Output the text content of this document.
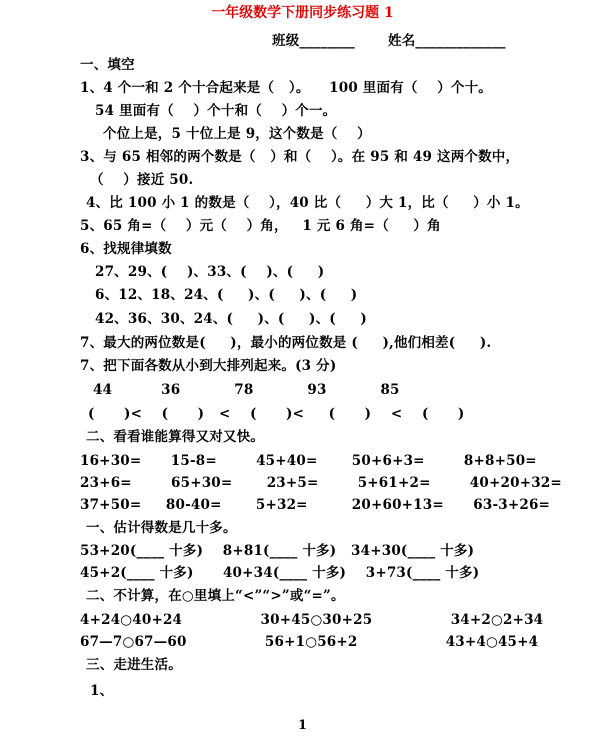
一年级数学下册同步练习题 1
班级________ 姓名_____________
一、填空
1、4 个一和 2 个十合起来是（   ）。    100 里面有（    ）个十。
54 里面有（    ）个十和（    ）个一。
个位上是，5 十位上是 9，这个数是（    ）
3、与 65 相邻的两个数是（   ）和（    ）。在 95 和 49 这两个数中，
（    ）接近 50.
4、比 100 小 1 的数是（    ），40 比（     ）大 1，比（     ）小 1。
5、65 角=（    ）元（    ）角，   1 元 6 角=（     ）角
6、找规律填数
27、29、(    )、33、(    )、(     )
6、12、18、24、(     )、(     )、(     )
42、36、30、24、(     )、(     )、(     )
7、最大的两位数是(     )，最小的两位数是 (     ),他们相差(     ).
7、把下面各数从小到大排列起来。(3 分)
44          36           78           93           85
(      )<    (      )   <    (      )<     (      )    <    (      )
二、看看谁能算得又对又快。
16+30=      15-8=        45+40=       50+6+3=        8+8+50=
23+6=        65+30=       23+5=        5+61+2=        40+20+32=
37+50=     80-40=       5+32=         20+60+13=      63-3+26=
一、估计得数是几十多。
53+20(____ 十多)    8+81(____ 十多)   34+30(____ 十多)
45+2(____ 十多)      40+34(____ 十多)    3+73(____ 十多)
二、不计算，在○里填上“<”“>”或“=”。
4+24○40+24                30+45○30+25                34+2○2+34
67—7○67—60                56+1○56+2                  43+4○45+4
三、走进生活。
1、
1
